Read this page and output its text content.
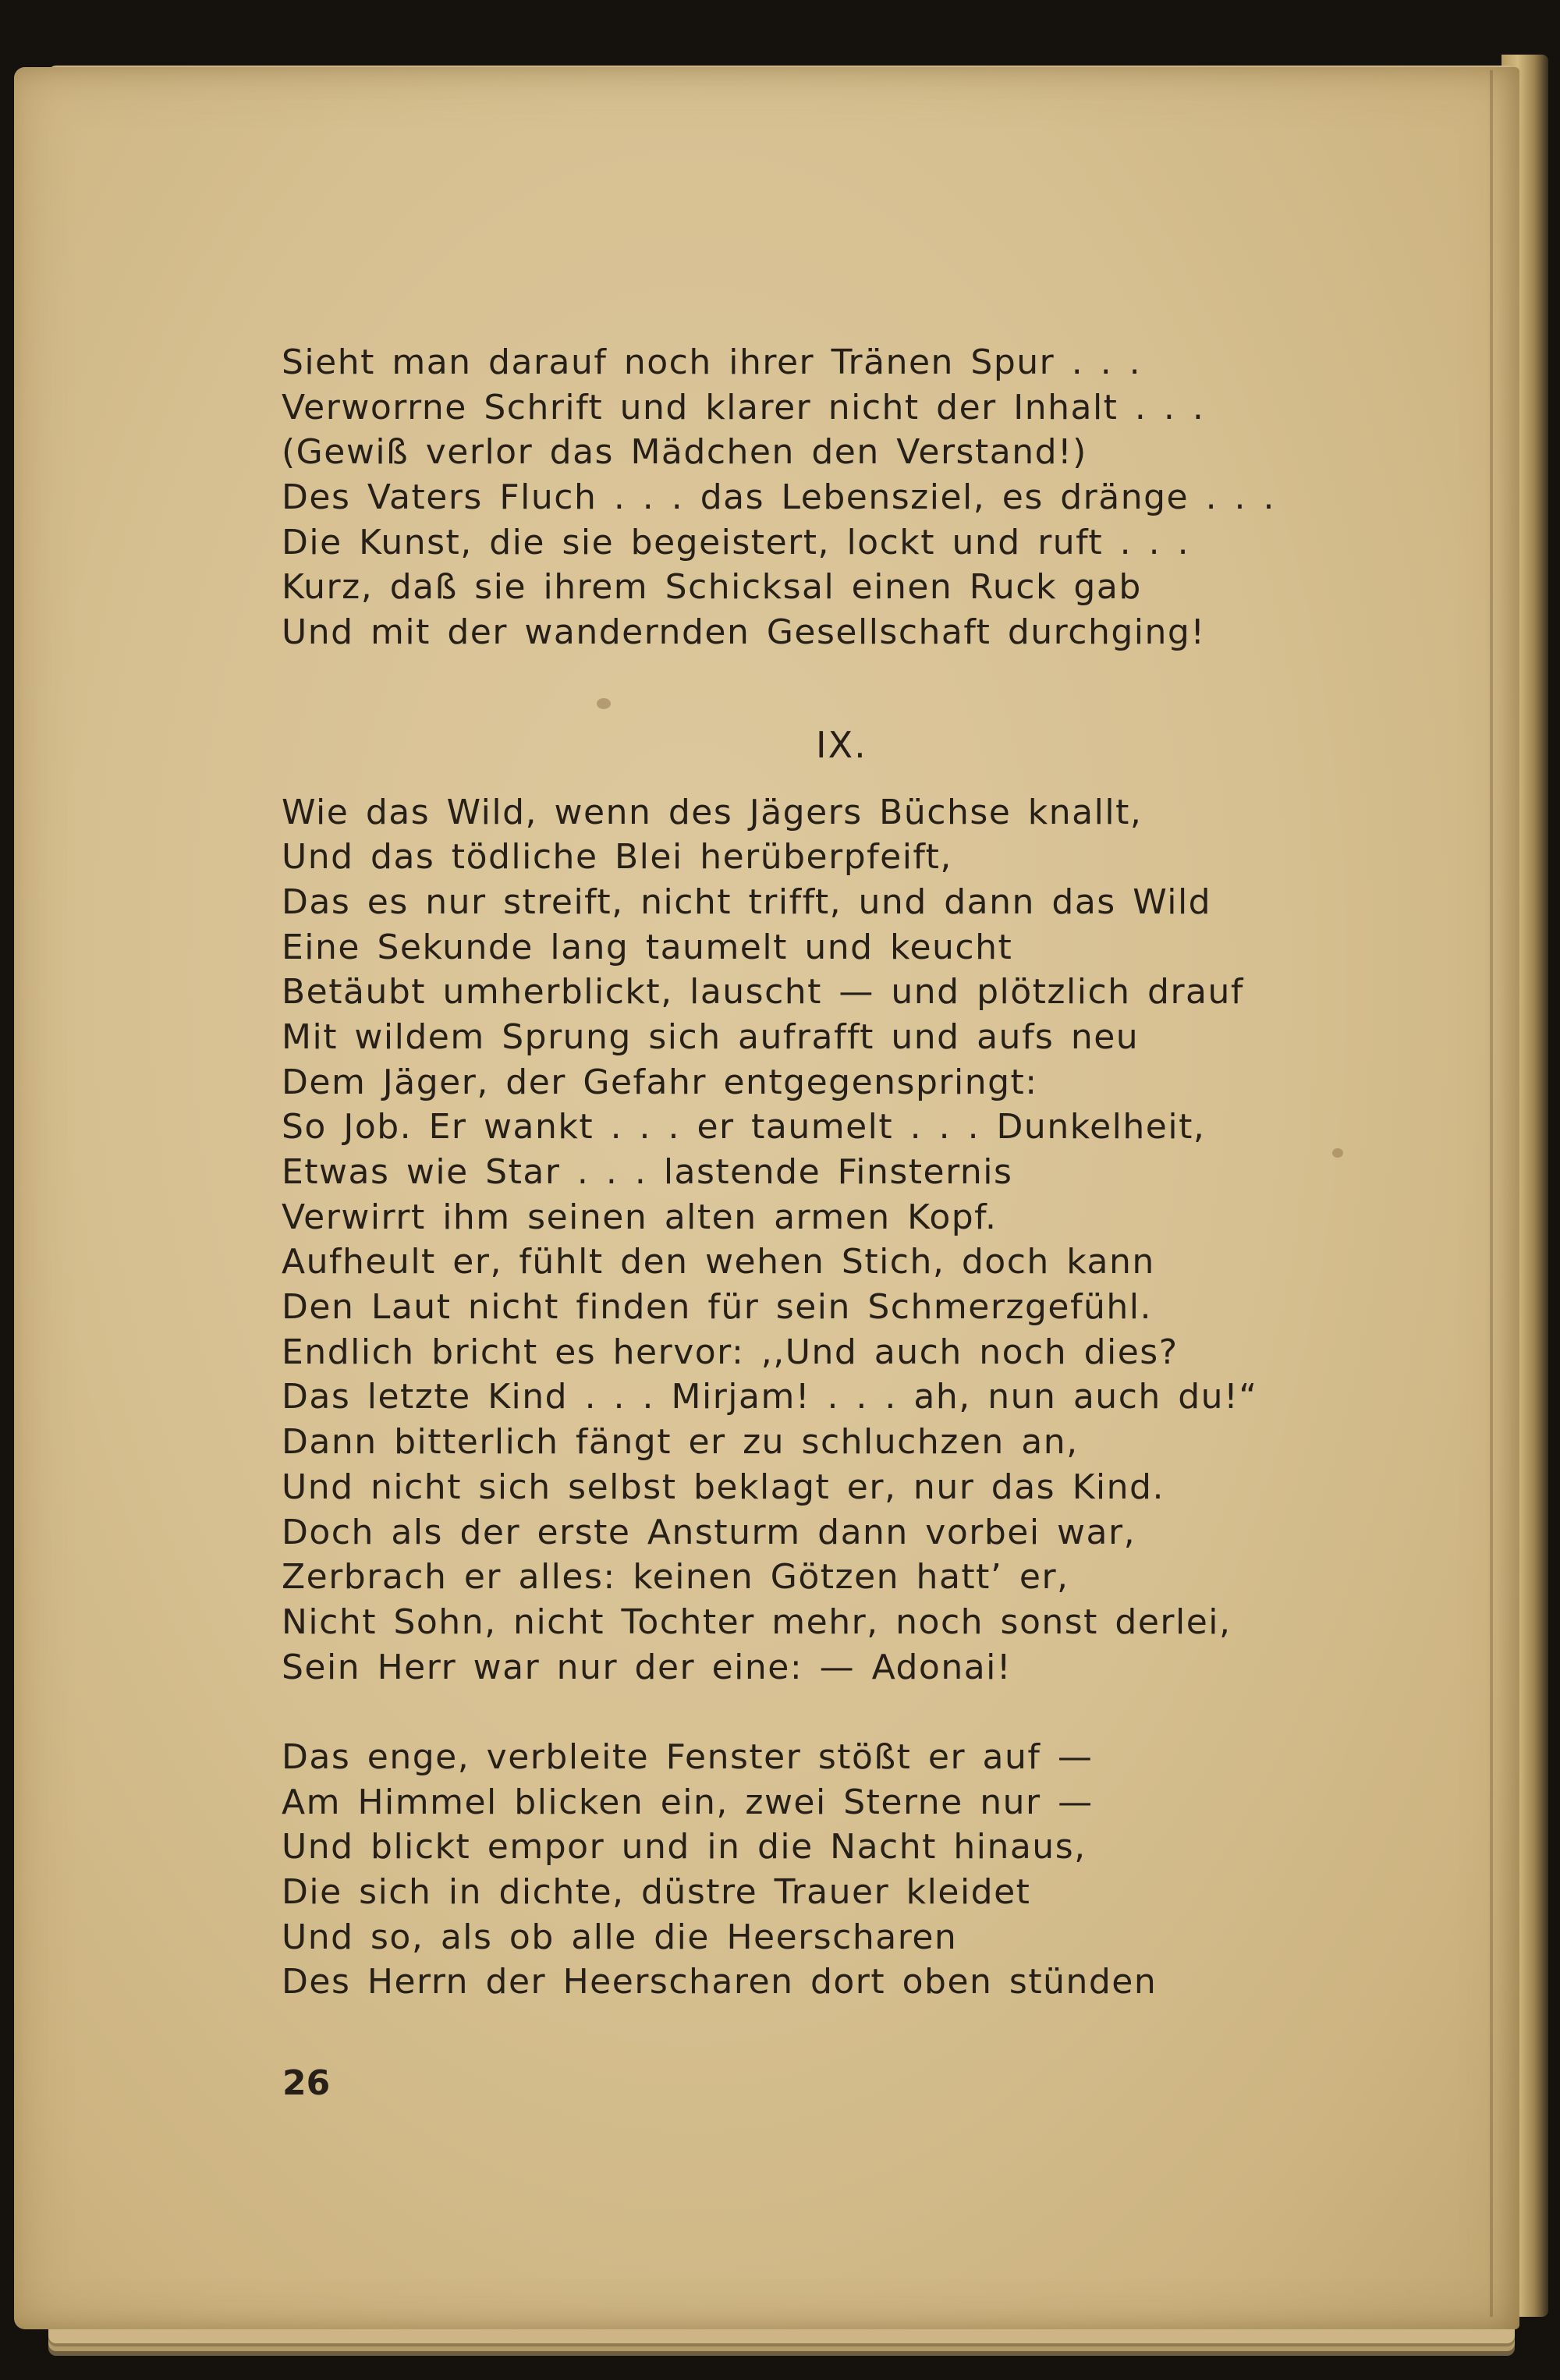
Sieht man darauf noch ihrer Tränen Spur . . .
Verworrne Schrift und klarer nicht der Inhalt . . .
(Gewiß verlor das Mädchen den Verstand!)
Des Vaters Fluch . . . das Lebensziel, es dränge . . .
Die Kunst, die sie begeistert, lockt und ruft . . .
Kurz, daß sie ihrem Schicksal einen Ruck gab
Und mit der wandernden Gesellschaft durchging!
IX.
Wie das Wild, wenn des Jägers Büchse knallt,
Und das tödliche Blei herüberpfeift,
Das es nur streift, nicht trifft, und dann das Wild
Eine Sekunde lang taumelt und keucht
Betäubt umherblickt, lauscht — und plötzlich drauf
Mit wildem Sprung sich aufrafft und aufs neu
Dem Jäger, der Gefahr entgegenspringt:
So Job. Er wankt . . . er taumelt . . . Dunkelheit,
Etwas wie Star . . . lastende Finsternis
Verwirrt ihm seinen alten armen Kopf.
Aufheult er, fühlt den wehen Stich, doch kann
Den Laut nicht finden für sein Schmerzgefühl.
Endlich bricht es hervor: ,,Und auch noch dies?
Das letzte Kind . . . Mirjam! . . . ah, nun auch du!“
Dann bitterlich fängt er zu schluchzen an,
Und nicht sich selbst beklagt er, nur das Kind.
Doch als der erste Ansturm dann vorbei war,
Zerbrach er alles: keinen Götzen hatt’ er,
Nicht Sohn, nicht Tochter mehr, noch sonst derlei,
Sein Herr war nur der eine: — Adonai!
Das enge, verbleite Fenster stößt er auf —
Am Himmel blicken ein, zwei Sterne nur —
Und blickt empor und in die Nacht hinaus,
Die sich in dichte, düstre Trauer kleidet
Und so, als ob alle die Heerscharen
Des Herrn der Heerscharen dort oben stünden
26
